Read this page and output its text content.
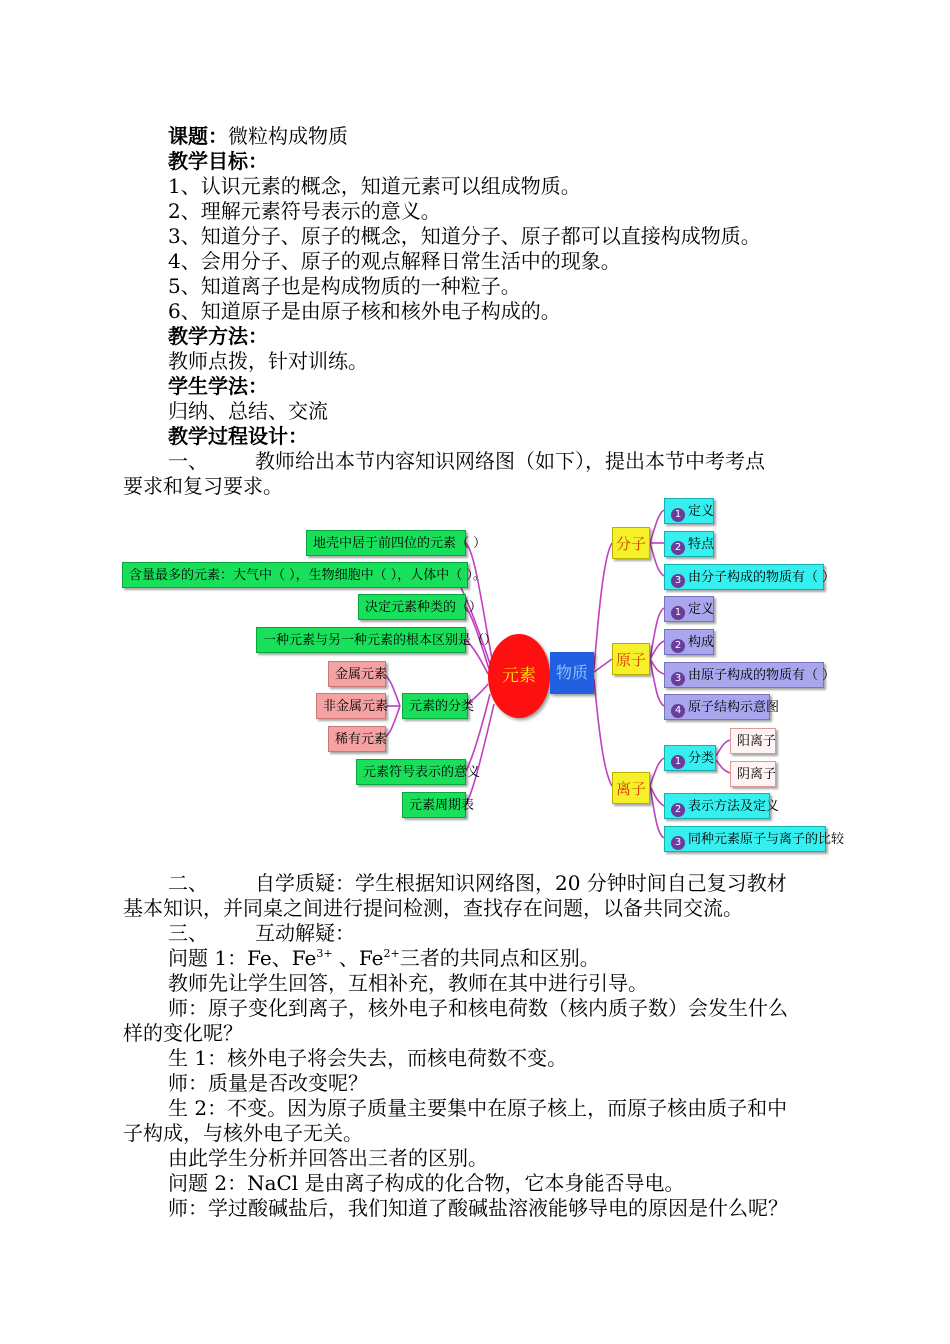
课题：微粒构成物质
教学目标：
1、认识元素的概念，知道元素可以组成物质。
2、理解元素符号表示的意义。
3、知道分子、原子的概念，知道分子、原子都可以直接构成物质。
4、会用分子、原子的观点解释日常生活中的现象。
5、知道离子也是构成物质的一种粒子。
6、知道原子是由原子核和核外电子构成的。
教学方法：
教师点拨，针对训练。
学生学法：
归纳、总结、交流
教学过程设计：
一、 教师给出本节内容知识网络图（如下），提出本节中考考点
要求和复习要求。
元素	物质
地壳中居于前四位的元素（ ）
含量最多的元素：大气中（ ），生物细胞中（ ），人体中（ ）。
决定元素种类的（）
一种元素与另一种元素的根本区别是（）
金属元素
元素的分类
非金属元素
稀有元素
元素符号表示的意义
元素周期表
分子
1 定义
2 特点
3 由分子构成的物质有（ ）
原子
1 定义
2 构成
3 由原子构成的物质有（ ）
4 原子结构示意图
离子
1 分类
阳离子
阴离子
2 表示方法及定义
3 同种元素原子与离子的比较
二、 自学质疑：学生根据知识网络图，20 分钟时间自己复习教材
基本知识，并同桌之间进行提问检测，查找存在问题，以备共同交流。
三、 互动解疑：
问题 1：Fe、$Fe^{3+}$ 、$Fe^{2+}$三者的共同点和区别。
教师先让学生回答，互相补充，教师在其中进行引导。
师：原子变化到离子，核外电子和核电荷数（核内质子数）会发生什么
样的变化呢？
生 1：核外电子将会失去，而核电荷数不变。
师：质量是否改变呢？
生 2：不变。因为原子质量主要集中在原子核上，而原子核由质子和中
子构成，与核外电子无关。
由此学生分析并回答出三者的区别。
问题 2：NaCl 是由离子构成的化合物，它本身能否导电。
师：学过酸碱盐后，我们知道了酸碱盐溶液能够导电的原因是什么呢？
